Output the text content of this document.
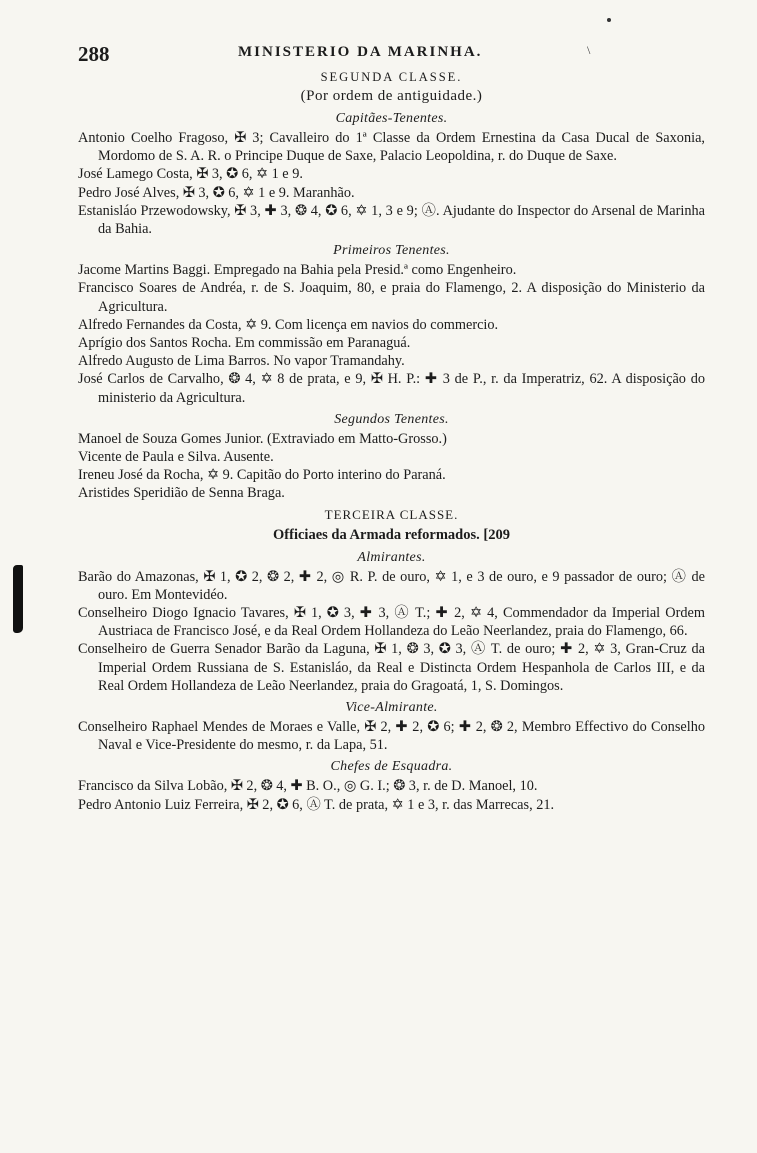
\
288	MINISTERIO DA MARINHA.
SEGUNDA CLASSE.
(Por ordem de antiguidade.)
Capitães-Tenentes.
Antonio Coelho Fragoso, ✠ 3; Cavalleiro do 1ª Classe da Ordem Ernestina da Casa Ducal de Saxonia, Mordomo de S. A. R. o Principe Duque de Saxe, Palacio Leopoldina, r. do Duque de Saxe.
José Lamego Costa, ✠ 3, ✪ 6, ✡ 1 e 9.
Pedro José Alves, ✠ 3, ✪ 6, ✡ 1 e 9. Maranhão.
Estanisláo Przewodowsky, ✠ 3, ✚ 3, ❂ 4, ✪ 6, ✡ 1, 3 e 9; Ⓐ. Ajudante do Inspector do Arsenal de Marinha da Bahia.
Primeiros Tenentes.
Jacome Martins Baggi. Empregado na Bahia pela Presid.ª como Engenheiro.
Francisco Soares de Andréa, r. de S. Joaquim, 80, e praia do Flamengo, 2. A disposição do Ministerio da Agricultura.
Alfredo Fernandes da Costa, ✡ 9. Com licença em navios do commercio.
Aprígio dos Santos Rocha. Em commissão em Paranaguá.
Alfredo Augusto de Lima Barros. No vapor Tramandahy.
José Carlos de Carvalho, ❂ 4, ✡ 8 de prata, e 9, ✠ H. P.: ✚ 3 de P., r. da Imperatriz, 62. A disposição do ministerio da Agricultura.
Segundos Tenentes.
Manoel de Souza Gomes Junior. (Extraviado em Matto-Grosso.)
Vicente de Paula e Silva. Ausente.
Ireneu José da Rocha, ✡ 9. Capitão do Porto interino do Paraná.
Aristides Speridião de Senna Braga.
TERCEIRA CLASSE.
Officiaes da Armada reformados. [209
Almirantes.
Barão do Amazonas, ✠ 1, ✪ 2, ❂ 2, ✚ 2, ◎ R. P. de ouro, ✡ 1, e 3 de ouro, e 9 passador de ouro; Ⓐ de ouro. Em Montevidéo.
Conselheiro Diogo Ignacio Tavares, ✠ 1, ✪ 3, ✚ 3, Ⓐ T.; ✚ 2, ✡ 4, Commendador da Imperial Ordem Austriaca de Francisco José, e da Real Ordem Hollandeza do Leão Neerlandez, praia do Flamengo, 66.
Conselheiro de Guerra Senador Barão da Laguna, ✠ 1, ❂ 3, ✪ 3, Ⓐ T. de ouro; ✚ 2, ✡ 3, Gran-Cruz da Imperial Ordem Russiana de S. Estanisláo, da Real e Distincta Ordem Hespanhola de Carlos III, e da Real Ordem Hollandeza de Leão Neerlandez, praia do Gragoatá, 1, S. Domingos.
Vice-Almirante.
Conselheiro Raphael Mendes de Moraes e Valle, ✠ 2, ✚ 2, ✪ 6; ✚ 2, ❂ 2, Membro Effectivo do Conselho Naval e Vice-Presidente do mesmo, r. da Lapa, 51.
Chefes de Esquadra.
Francisco da Silva Lobão, ✠ 2, ❂ 4, ✚ B. O., ◎ G. I.; ❂ 3, r. de D. Manoel, 10.
Pedro Antonio Luiz Ferreira, ✠ 2, ✪ 6, Ⓐ T. de prata, ✡ 1 e 3, r. das Marrecas, 21.
